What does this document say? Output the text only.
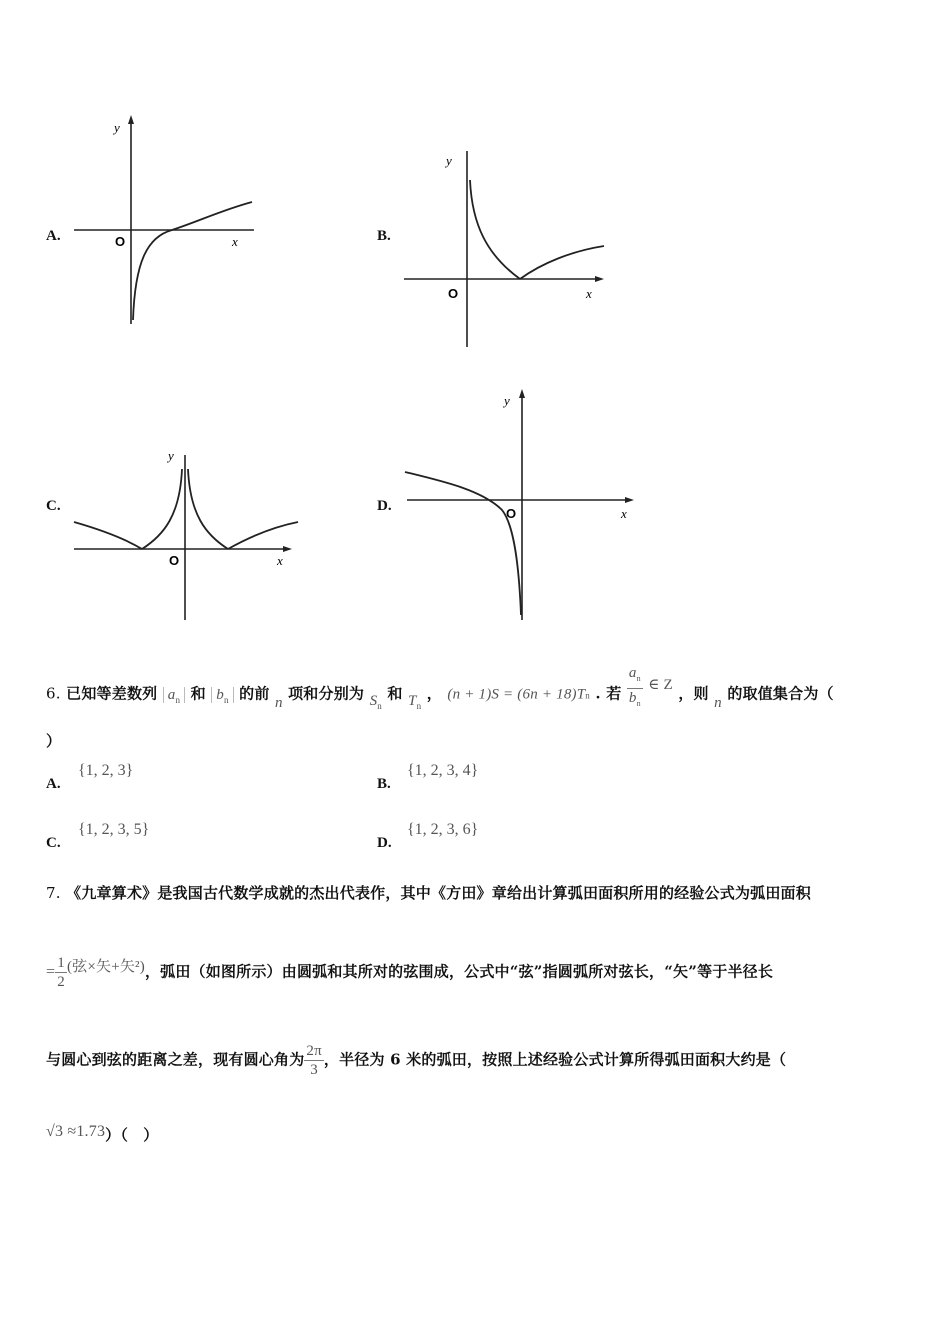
A.
y
x
O	B.
y
x
O
C.
y
x
O
D.
y
x
O
6. 已知等差数列 $a_n$ 和 $b_n$ 的前 n 项和分别为 $S_n$ 和 $T_n$ ， (n + 1)S = (6n + 18)Tn . 若 $\frac{a_n}{b_n}$ ∈ Z ，则 n 的取值集合为（
）
A.
{1, 2, 3}
B.
{1, 2, 3, 4}
C.
{1, 2, 3, 5}
D.
{1, 2, 3, 6}
7. 《九章算术》是我国古代数学成就的杰出代表作，其中《方田》章给出计算弧田面积所用的经验公式为弧田面积
= $\frac{1}{2}$ (弦×矢+矢²)，弧田（如图所示）由圆弧和其所对的弦围成，公式中“弦”指圆弧所对弦长，“矢”等于半径长
与圆心到弦的距离之差，现有圆心角为 $\frac{2\pi}{3}$ ，半径为 6 米的弧田，按照上述经验公式计算所得弧田面积大约是（
√3 ≈1.73）（　）
